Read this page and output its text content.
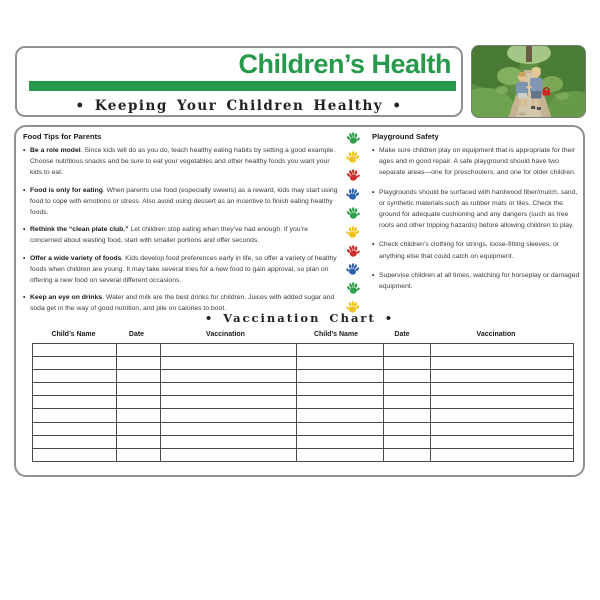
Children’s Health
• Keeping Your Children Healthy •
Food Tips for Parents
• Be a role model. Since kids will do as you do, teach healthy eating habits by setting a good example. Choose nutritious snacks and be sure to eat your vegetables and other healthy foods you want your kids to eat.
• Food is only for eating. When parents use food (especially sweets) as a reward, kids may start using food to cope with emotions or stress. Also avoid using dessert as an incentive to finish eating healthy foods.
• Rethink the “clean plate club.” Let children stop eating when they’ve had enough. If you’re concerned about wasting food, start with smaller portions and offer seconds.
• Offer a wide variety of foods. Kids develop food preferences early in life, so offer a variety of healthy foods when children are young. It may take several tries for a new food to gain approval, so plan on offering a new food on several different occasions.
• Keep an eye on drinks. Water and milk are the best drinks for children. Juices with added sugar and soda get in the way of good nutrition, and pile on calories to boot.
Playground Safety
• Make sure children play on equipment that is appropriate for their ages and in good repair. A safe playground should have two separate areas—one for preschoolers, and one for older children.
• Playgrounds should be surfaced with hardwood fiber/mulch, sand, or synthetic materials such as rubber mats or tiles. Check the ground for adequate cushioning and any dangers (such as tree roots and other tripping hazards) before allowing children to play.
• Check children’s clothing for strings, loose-fitting sleeves, or anything else that could catch on equipment.
• Supervise children at all times, watching for horseplay or damaged equipment.
• Vaccination Chart •
Child’s Name	Date	Vaccination	Child’s Name	Date	Vaccination
